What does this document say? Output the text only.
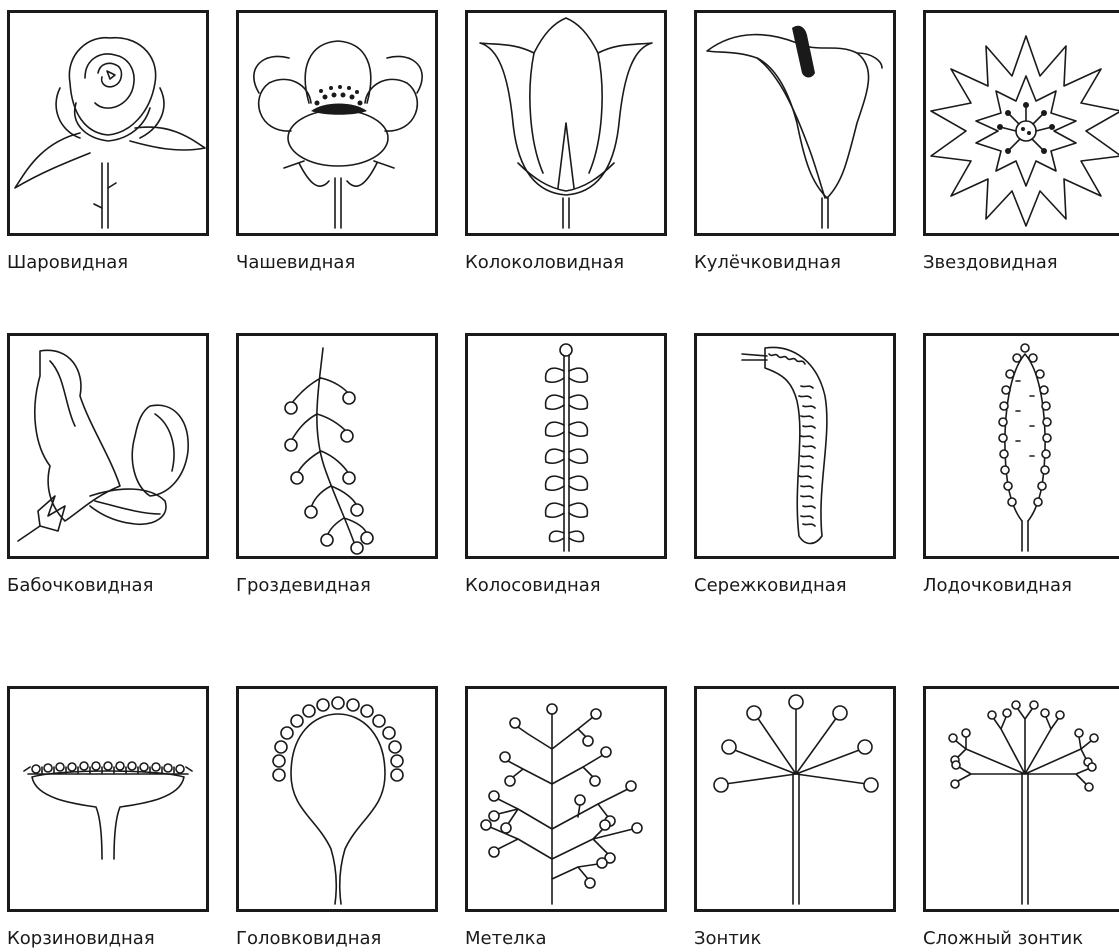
Шаровидная	Чашевидная	Колоколовидная	Кулёчковидная	Звездовидная
Бабочковидная	Гроздевидная	Колосовидная	Сережковидная	Лодочковидная
Корзиновидная	Головковидная	Метелка	Зонтик	Сложный зонтик
